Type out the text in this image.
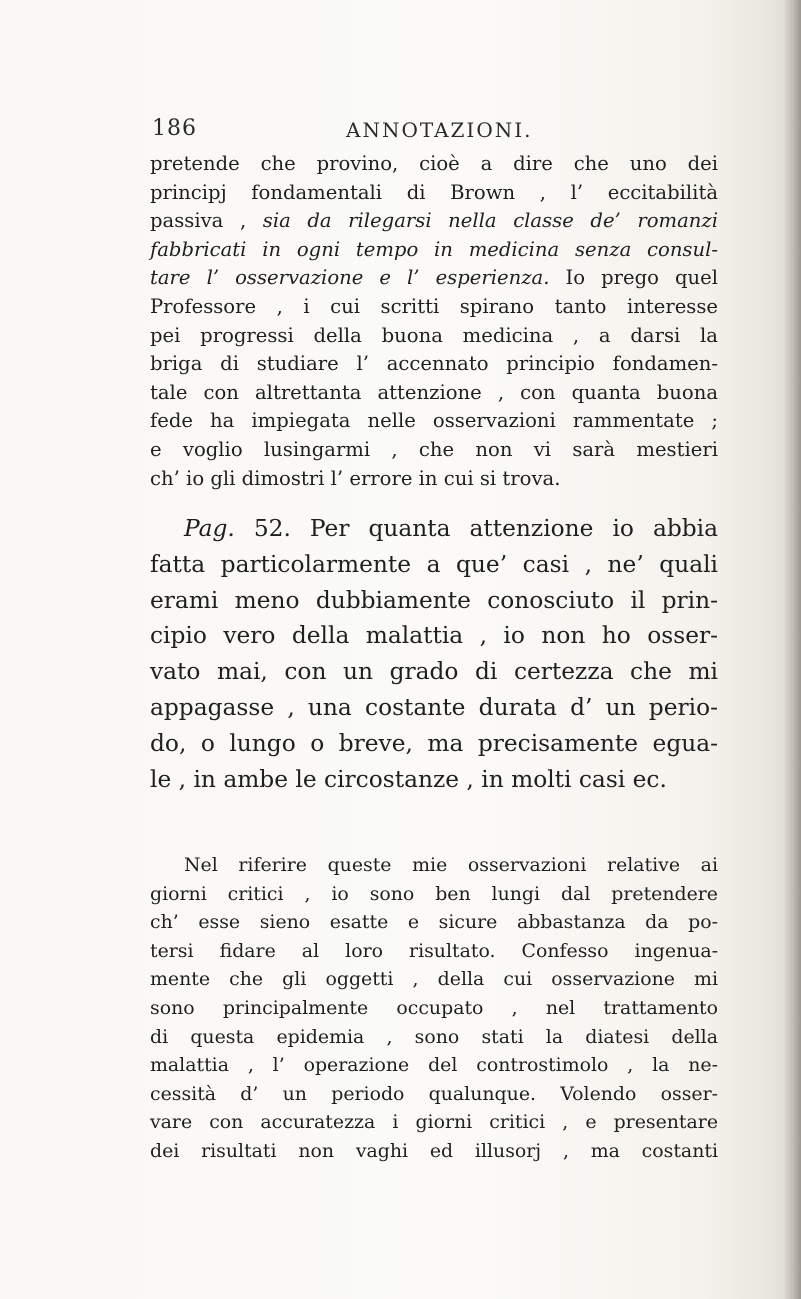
186	ANNOTAZIONI.
pretende che provino, cioè a dire che uno dei
principj fondamentali di Brown , l’ eccitabilità
passiva , sia da rilegarsi nella classe de’ romanzi
fabbricati in ogni tempo in medicina senza consul-
tare l’ osservazione e l’ esperienza. Io prego quel
Professore , i cui scritti spirano tanto interesse
pei progressi della buona medicina , a darsi la
briga di studiare l’ accennato principio fondamen-
tale con altrettanta attenzione , con quanta buona
fede ha impiegata nelle osservazioni rammentate ;
e voglio lusingarmi , che non vi sarà mestieri
ch’ io gli dimostri l’ errore in cui si trova.
Pag. 52. Per quanta attenzione io abbia
fatta particolarmente a que’ casi , ne’ quali
erami meno dubbiamente conosciuto il prin-
cipio vero della malattia , io non ho osser-
vato mai, con un grado di certezza che mi
appagasse , una costante durata d’ un perio-
do, o lungo o breve, ma precisamente egua-
le , in ambe le circostanze , in molti casi ec.
Nel riferire queste mie osservazioni relative ai
giorni critici , io sono ben lungi dal pretendere
ch’ esse sieno esatte e sicure abbastanza da po-
tersi fidare al loro risultato. Confesso ingenua-
mente che gli oggetti , della cui osservazione mi
sono principalmente occupato , nel trattamento
di questa epidemia , sono stati la diatesi della
malattia , l’ operazione del controstimolo , la ne-
cessità d’ un periodo qualunque. Volendo osser-
vare con accuratezza i giorni critici , e presentare
dei risultati non vaghi ed illusorj , ma costanti
